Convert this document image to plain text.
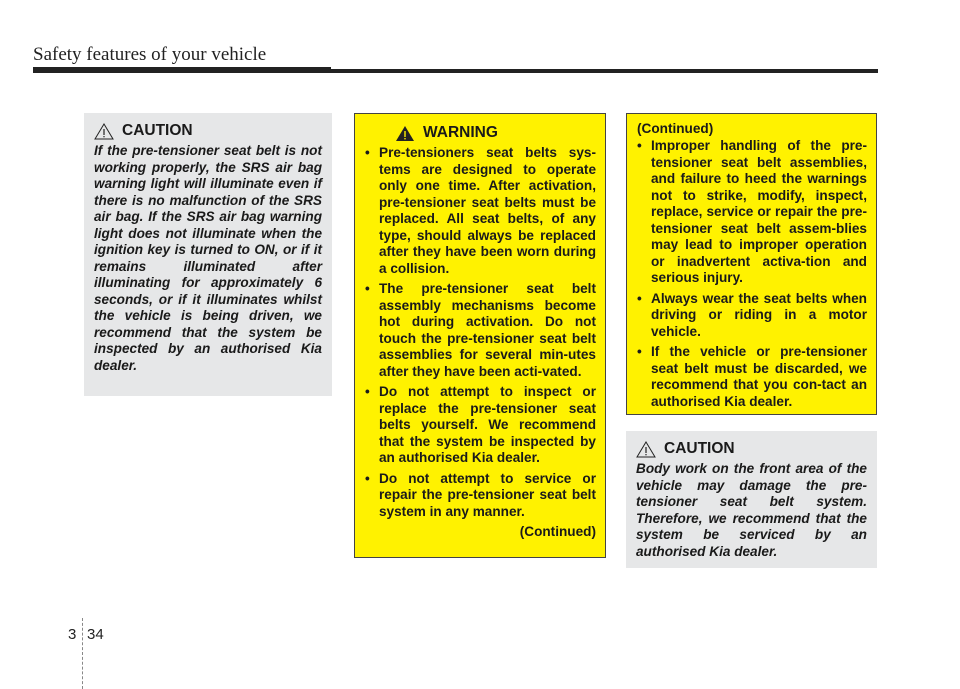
Safety features of your vehicle
CAUTION
If the pre-tensioner seat belt is not working properly, the SRS air bag warning light will illuminate even if there is no malfunction of the SRS air bag. If the SRS air bag warning light does not illuminate when the ignition key is turned to ON, or if it remains illuminated after illuminating for approximately 6 seconds, or if it illuminates whilst the vehicle is being driven, we recommend that the system be inspected by an authorised Kia dealer.
WARNING
• Pre-tensioners seat belts sys-tems are designed to operate only one time. After activation, pre-tensioner seat belts must be replaced. All seat belts, of any type, should always be replaced after they have been worn during a collision.
• The pre-tensioner seat belt assembly mechanisms become hot during activation. Do not touch the pre-tensioner seat belt assemblies for several min-utes after they have been acti-vated.
• Do not attempt to inspect or replace the pre-tensioner seat belts yourself. We recommend that the system be inspected by an authorised Kia dealer.
• Do not attempt to service or repair the pre-tensioner seat belt system in any manner.
(Continued)
(Continued)
• Improper handling of the pre-tensioner seat belt assemblies, and failure to heed the warnings not to strike, modify, inspect, replace, service or repair the pre-tensioner seat belt assem-blies may lead to improper operation or inadvertent activa-tion and serious injury.
• Always wear the seat belts when driving or riding in a motor vehicle.
• If the vehicle or pre-tensioner seat belt must be discarded, we recommend that you con-tact an authorised Kia dealer.
CAUTION
Body work on the front area of the vehicle may damage the pre-tensioner seat belt system. Therefore, we recommend that the system be serviced by an authorised Kia dealer.
3 34
